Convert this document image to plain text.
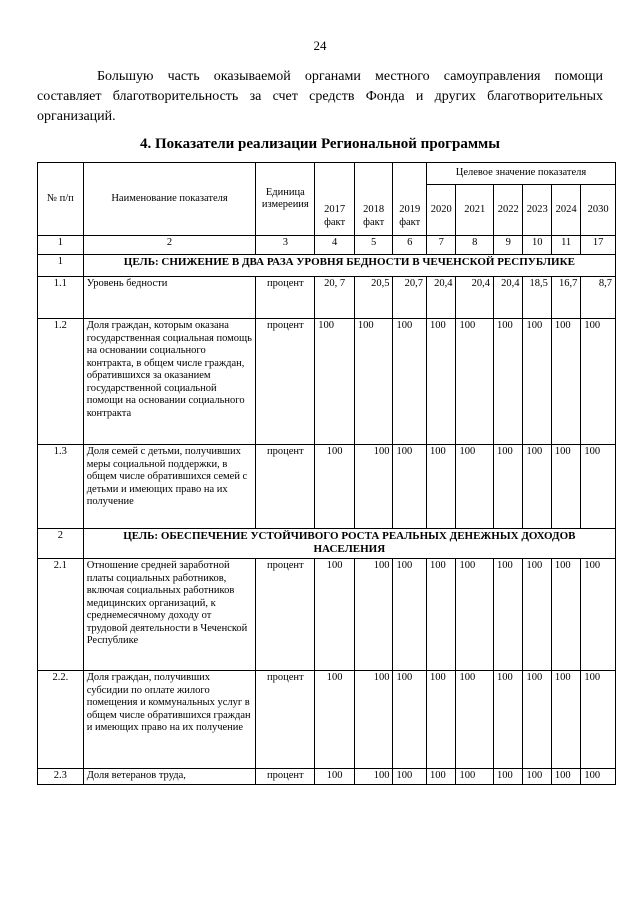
24

Большую часть оказываемой органами местного самоуправления помощи составляет благотворительность за счет средств Фонда и других благотворительных организаций.

4. Показатели реализации Региональной программы
№ п/п	Наименование показателя	Единица измереиия	2017 факт	2018 факт	2019 факт	Целевое значение показателя					
						2020	2021	2022	2023	2024	2030
1	2	3	4	5	6	7	8	9	10	11	17
1	ЦЕЛЬ: СНИЖЕНИЕ В ДВА РАЗА УРОВНЯ БЕДНОСТИ В ЧЕЧЕНСКОЙ РЕСПУБЛИКЕ										
1.1	Уровень бедности	процент	20, 7	20,5	20,7	20,4	20,4	20,4	18,5	16,7	8,7
1.2	Доля граждан, которым оказана государственная социальная помощь на основании социального контракта, в общем числе граждан, обратившихся за оказанием государственной социальной помощи на основании социального контракта	процент	100	100	100	100	100	100	100	100	100
1.3	Доля семей с детьми, получивших меры социальной поддержки, в общем числе обратившихся семей с детьми и имеющих право на их получение	процент	100	100	100	100	100	100	100	100	100
2	ЦЕЛЬ: ОБЕСПЕЧЕНИЕ УСТОЙЧИВОГО РОСТА РЕАЛЬНЫХ ДЕНЕЖНЫХ ДОХОДОВ НАСЕЛЕНИЯ										
2.1	Отношение средней заработной платы социальных работников, включая социальных работников медицинских организаций, к среднемесячному доходу от трудовой деятельности в Чеченской Республике	процент	100	100	100	100	100	100	100	100	100
2.2.	Доля граждан, получивших субсидии по оплате жилого помещения и коммунальных услуг в общем числе обратившихся граждан и имеющих право на их получение	процент	100	100	100	100	100	100	100	100	100
2.3	Доля ветеранов труда,	процент	100	100	100	100	100	100	100	100	100
